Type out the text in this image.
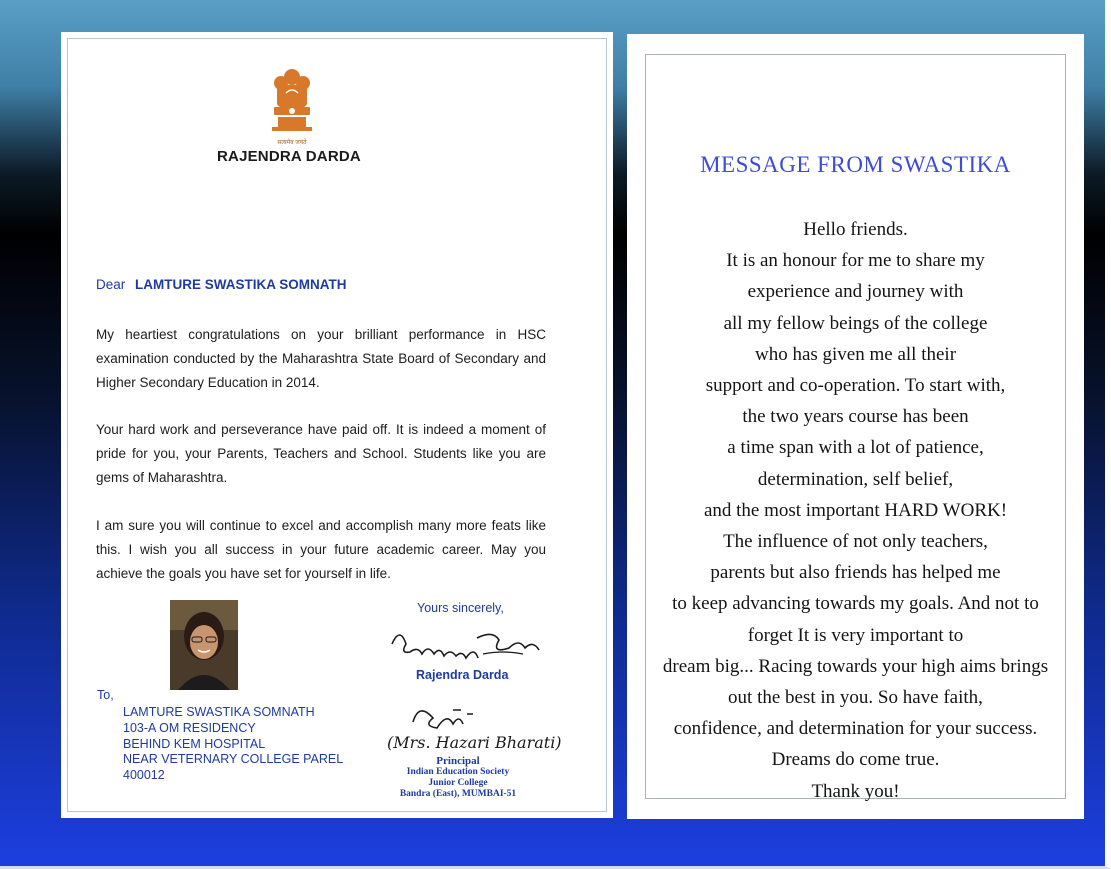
सत्यमेव जयते
RAJENDRA DARDA
Dear LAMTURE SWASTIKA SOMNATH
My heartiest congratulations on your brilliant performance in HSC examination conducted by the Maharashtra State Board of Secondary and Higher Secondary Education in 2014.
Your hard work and perseverance have paid off. It is indeed a moment of pride for you, your Parents, Teachers and School. Students like you are gems of Maharashtra.
I am sure you will continue to excel and accomplish many more feats like this. I wish you all success in your future academic career. May you achieve the goals you have set for yourself in life.
Yours sincerely,
Rajendra Darda
To,
LAMTURE SWASTIKA SOMNATH
103-A OM RESIDENCY
BEHIND KEM HOSPITAL
NEAR VETERNARY COLLEGE PAREL
400012
(Mrs. Hazari Bharati)
Principal
Indian Education Society
Junior College
Bandra (East), MUMBAI-51
MESSAGE FROM SWASTIKA
Hello friends.
It is an honour for me to share my
experience and journey with
all my fellow beings of the college
who has given me all their
support and co-operation. To start with,
the two years course has been
a time span with a lot of patience,
determination, self belief,
and the most important HARD WORK!
The influence of not only teachers,
parents but also friends has helped me
to keep advancing towards my goals. And not to
forget It is very important to
dream big... Racing towards your high aims brings
out the best in you. So have faith,
confidence, and determination for your success.
Dreams do come true.
Thank you!
